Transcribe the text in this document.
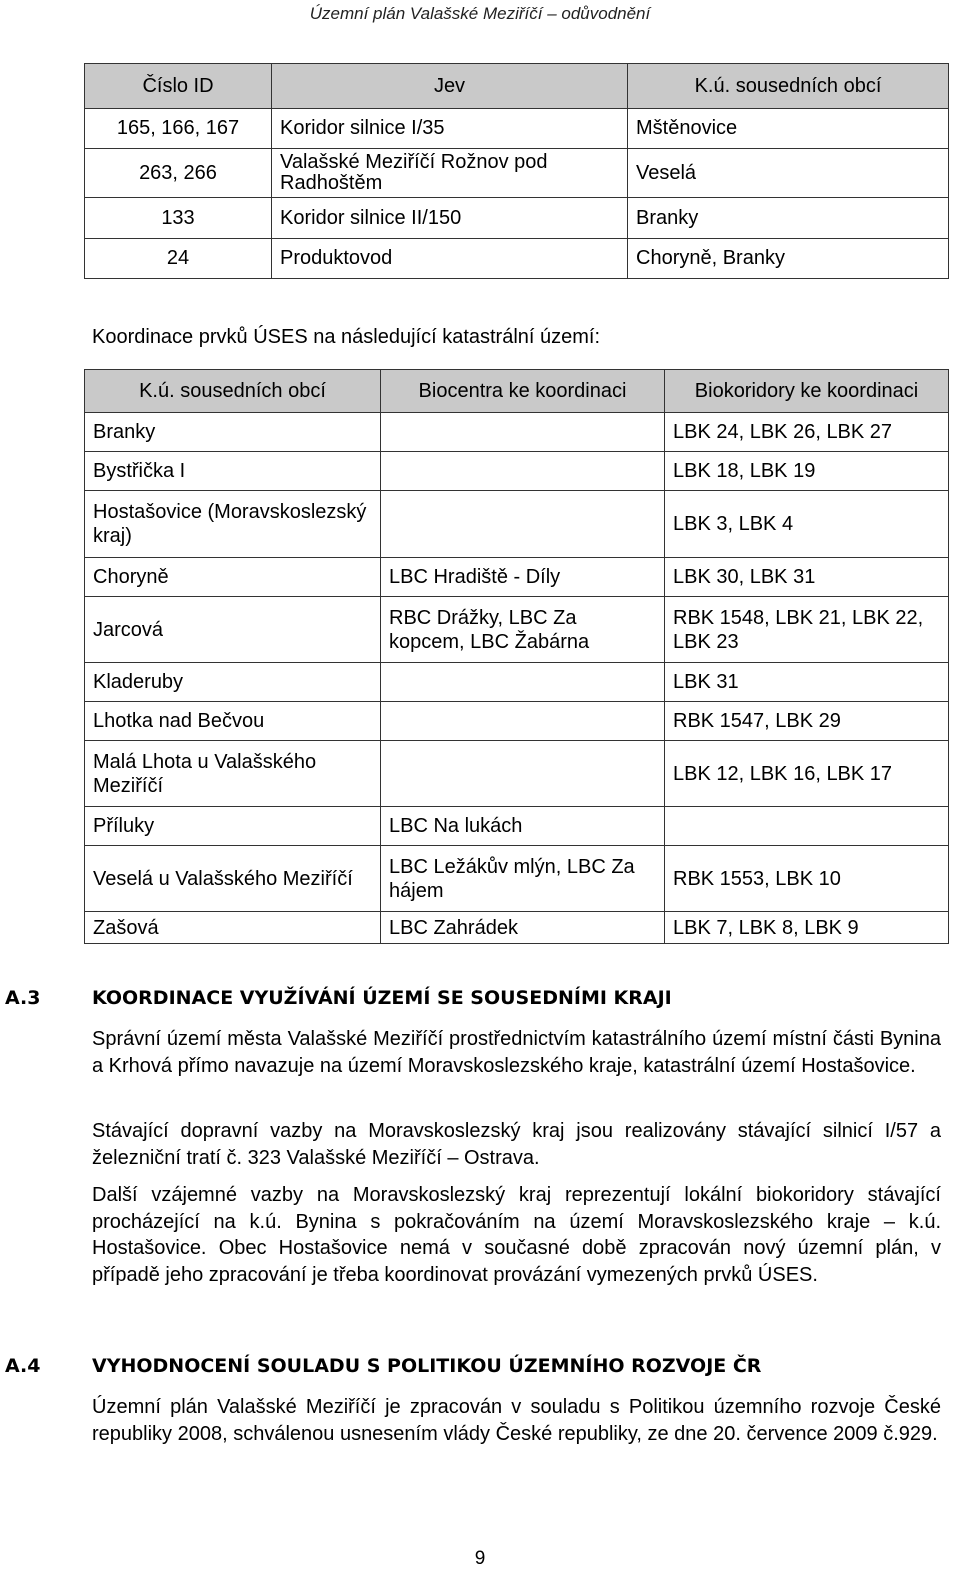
Územní plán Valašské Meziříčí – odůvodnění
Číslo ID	Jev	K.ú. sousedních obcí
165, 166, 167	Koridor silnice I/35	Mštěnovice
263, 266	Valašské Meziříčí Rožnov pod Radhoštěm	Veselá
133	Koridor silnice II/150	Branky
24	Produktovod	Choryně, Branky
Koordinace prvků ÚSES na následující katastrální území:
K.ú. sousedních obcí	Biocentra ke koordinaci	Biokoridory ke koordinaci
Branky		LBK 24, LBK 26, LBK 27
Bystřička I		LBK 18, LBK 19
Hostašovice (Moravskoslezský kraj)		LBK 3, LBK 4
Choryně	LBC Hradiště - Díly	LBK 30, LBK 31
Jarcová	RBC Drážky, LBC Za kopcem, LBC Žabárna	RBK 1548, LBK 21, LBK 22, LBK 23
Kladeruby		LBK 31
Lhotka nad Bečvou		RBK 1547, LBK 29
Malá Lhota u Valašského Meziříčí		LBK 12, LBK 16, LBK 17
Příluky	LBC Na lukách	
Veselá u Valašského Meziříčí	LBC Ležákův mlýn, LBC Za hájem	RBK 1553, LBK 10
Zašová	LBC Zahrádek	LBK 7, LBK 8, LBK 9
A.3	KOORDINACE VYUŽÍVÁNÍ ÚZEMÍ SE SOUSEDNÍMI KRAJI

Správní území města Valašské Meziříčí prostřednictvím katastrálního území místní části Bynina a Krhová přímo navazuje na území Moravskoslezského kraje, katastrální území Hostašovice.

Stávající dopravní vazby na Moravskoslezský kraj jsou realizovány stávající silnicí I/57 a železniční tratí č. 323 Valašské Meziříčí – Ostrava.

Další vzájemné vazby na Moravskoslezský kraj reprezentují lokální biokoridory stávající procházející na k.ú. Bynina s pokračováním na území Moravskoslezského kraje – k.ú. Hostašovice. Obec Hostašovice nemá v současné době zpracován nový územní plán, v případě jeho zpracování je třeba koordinovat provázání vymezených prvků ÚSES.

A.4	VYHODNOCENÍ SOULADU S POLITIKOU ÚZEMNÍHO ROZVOJE ČR

Územní plán Valašské Meziříčí je zpracován v souladu s Politikou územního rozvoje České republiky 2008, schválenou usnesením vlády České republiky, ze dne 20. července 2009 č.929.

9
